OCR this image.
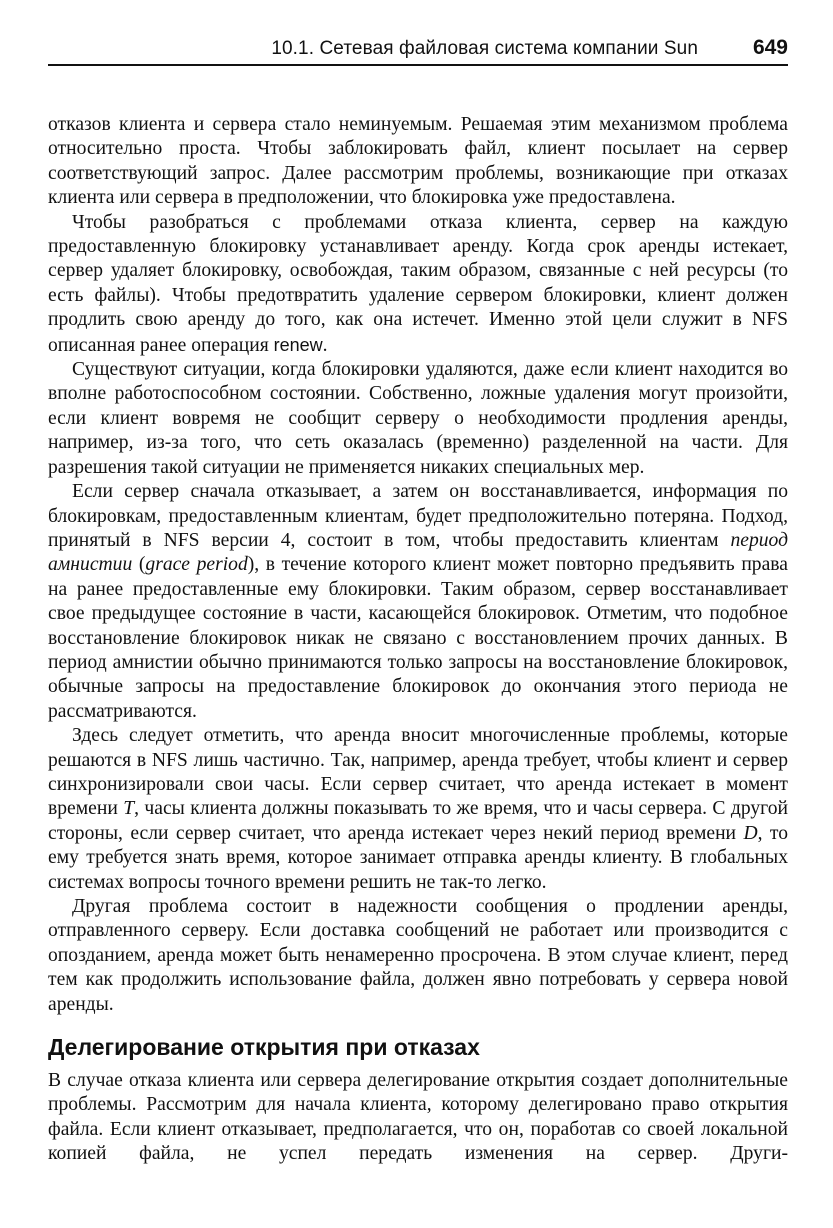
10.1. Сетевая файловая система компании Sun	649

отказов клиента и сервера стало неминуемым. Решаемая этим механизмом проблема относительно проста. Чтобы заблокировать файл, клиент посылает на сервер соответствующий запрос. Далее рассмотрим проблемы, возникающие при отказах клиента или сервера в предположении, что блокировка уже предоставлена.

Чтобы разобраться с проблемами отказа клиента, сервер на каждую предоставленную блокировку устанавливает аренду. Когда срок аренды истекает, сервер удаляет блокировку, освобождая, таким образом, связанные с ней ресурсы (то есть файлы). Чтобы предотвратить удаление сервером блокировки, клиент должен продлить свою аренду до того, как она истечет. Именно этой цели служит в NFS описанная ранее операция renew.

Существуют ситуации, когда блокировки удаляются, даже если клиент находится во вполне работоспособном состоянии. Собственно, ложные удаления могут произойти, если клиент вовремя не сообщит серверу о необходимости продления аренды, например, из-за того, что сеть оказалась (временно) разделенной на части. Для разрешения такой ситуации не применяется никаких специальных мер.

Если сервер сначала отказывает, а затем он восстанавливается, информация по блокировкам, предоставленным клиентам, будет предположительно потеряна. Подход, принятый в NFS версии 4, состоит в том, чтобы предоставить клиентам период амнистии (grace period), в течение которого клиент может повторно предъявить права на ранее предоставленные ему блокировки. Таким образом, сервер восстанавливает свое предыдущее состояние в части, касающейся блокировок. Отметим, что подобное восстановление блокировок никак не связано с восстановлением прочих данных. В период амнистии обычно принимаются только запросы на восстановление блокировок, обычные запросы на предоставление блокировок до окончания этого периода не рассматриваются.

Здесь следует отметить, что аренда вносит многочисленные проблемы, которые решаются в NFS лишь частично. Так, например, аренда требует, чтобы клиент и сервер синхронизировали свои часы. Если сервер считает, что аренда истекает в момент времени T, часы клиента должны показывать то же время, что и часы сервера. С другой стороны, если сервер считает, что аренда истекает через некий период времени D, то ему требуется знать время, которое занимает отправка аренды клиенту. В глобальных системах вопросы точного времени решить не так-то легко.

Другая проблема состоит в надежности сообщения о продлении аренды, отправленного серверу. Если доставка сообщений не работает или производится с опозданием, аренда может быть ненамеренно просрочена. В этом случае клиент, перед тем как продолжить использование файла, должен явно потребовать у сервера новой аренды.

Делегирование открытия при отказах

В случае отказа клиента или сервера делегирование открытия создает дополнительные проблемы. Рассмотрим для начала клиента, которому делегировано право открытия файла. Если клиент отказывает, предполагается, что он, поработав со своей локальной копией файла, не успел передать изменения на сервер. Други-
